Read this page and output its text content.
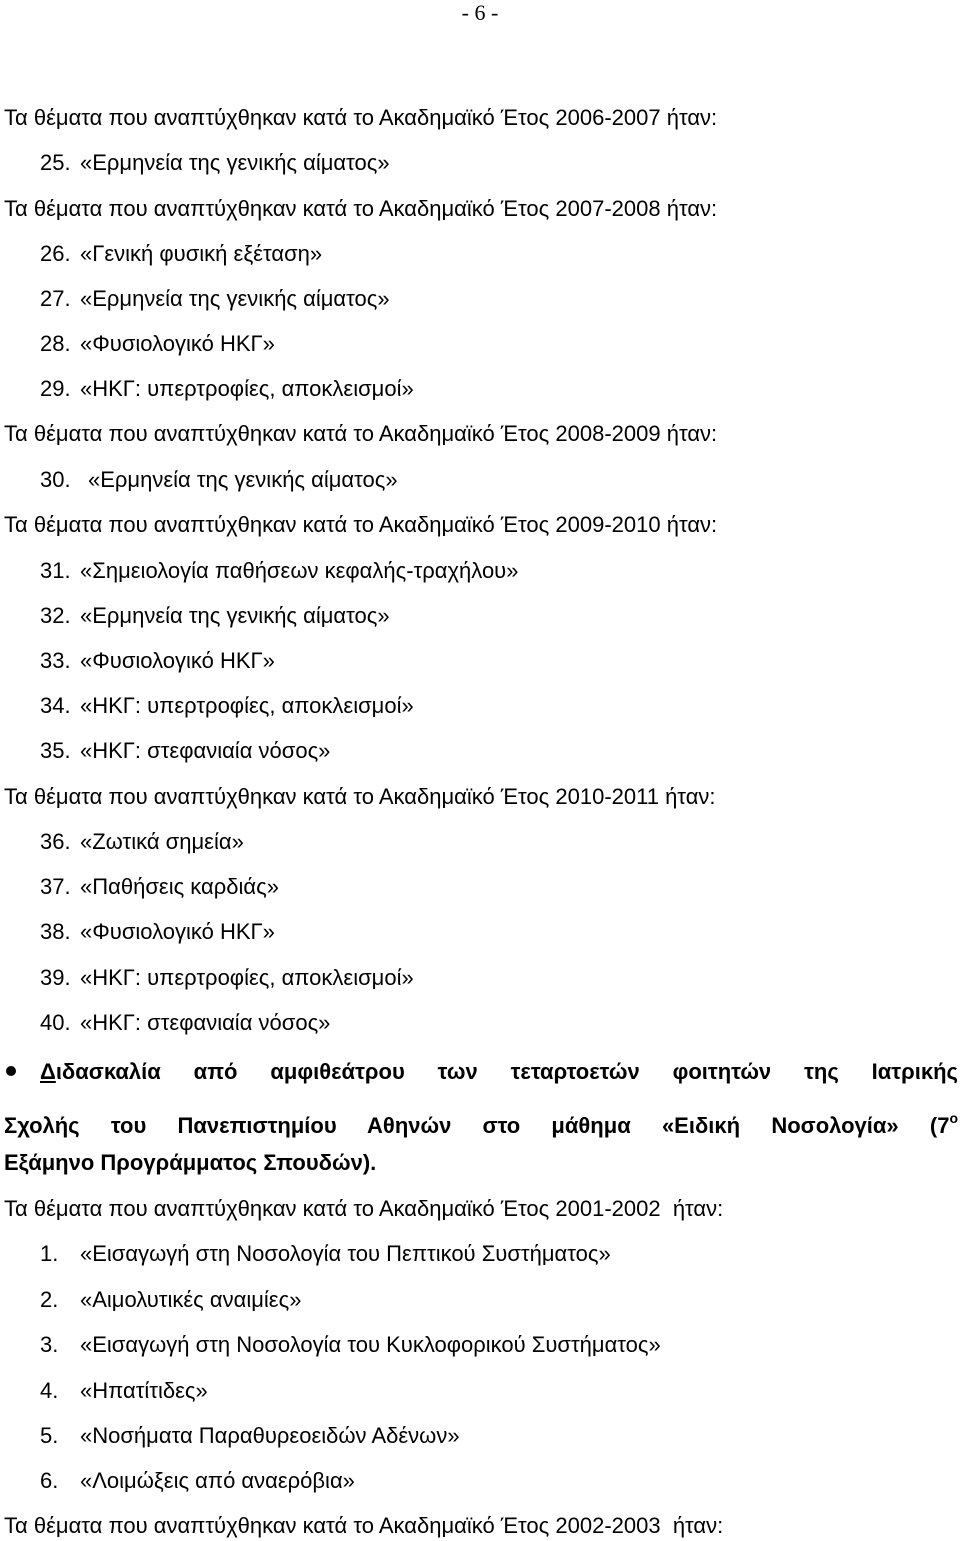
- 6 -
Τα θέματα που αναπτύχθηκαν κατά το Ακαδημαϊκό Έτος 2006-2007 ήταν:
25. «Ερμηνεία της γενικής αίματος»
Τα θέματα που αναπτύχθηκαν κατά το Ακαδημαϊκό Έτος 2007-2008 ήταν:
26. «Γενική φυσική εξέταση»
27. «Ερμηνεία της γενικής αίματος»
28. «Φυσιολογικό ΗΚΓ»
29. «ΗΚΓ: υπερτροφίες, αποκλεισμοί»
Τα θέματα που αναπτύχθηκαν κατά το Ακαδημαϊκό Έτος 2008-2009 ήταν:
30. «Ερμηνεία της γενικής αίματος»
Τα θέματα που αναπτύχθηκαν κατά το Ακαδημαϊκό Έτος 2009-2010 ήταν:
31. «Σημειολογία παθήσεων κεφαλής-τραχήλου»
32. «Ερμηνεία της γενικής αίματος»
33. «Φυσιολογικό ΗΚΓ»
34. «ΗΚΓ: υπερτροφίες, αποκλεισμοί»
35. «ΗΚΓ: στεφανιαία νόσος»
Τα θέματα που αναπτύχθηκαν κατά το Ακαδημαϊκό Έτος 2010-2011 ήταν:
36. «Ζωτικά σημεία»
37. «Παθήσεις καρδιάς»
38. «Φυσιολογικό ΗΚΓ»
39. «ΗΚΓ: υπερτροφίες, αποκλεισμοί»
40. «ΗΚΓ: στεφανιαία νόσος»
Διδασκαλία από αμφιθεάτρου των τεταρτοετών φοιτητών της Ιατρικής
Σχολής του Πανεπιστημίου Αθηνών στο μάθημα «Ειδική Νοσολογία» ($7^o$
Εξάμηνο Προγράμματος Σπουδών).
Τα θέματα που αναπτύχθηκαν κατά το Ακαδημαϊκό Έτος 2001-2002  ήταν:
1. «Εισαγωγή στη Νοσολογία του Πεπτικού Συστήματος»
2. «Αιμολυτικές αναιμίες»
3. «Εισαγωγή στη Νοσολογία του Κυκλοφορικού Συστήματος»
4. «Ηπατίτιδες»
5. «Νοσήματα Παραθυρεοειδών Αδένων»
6. «Λοιμώξεις από αναερόβια»
Τα θέματα που αναπτύχθηκαν κατά το Ακαδημαϊκό Έτος 2002-2003  ήταν:
